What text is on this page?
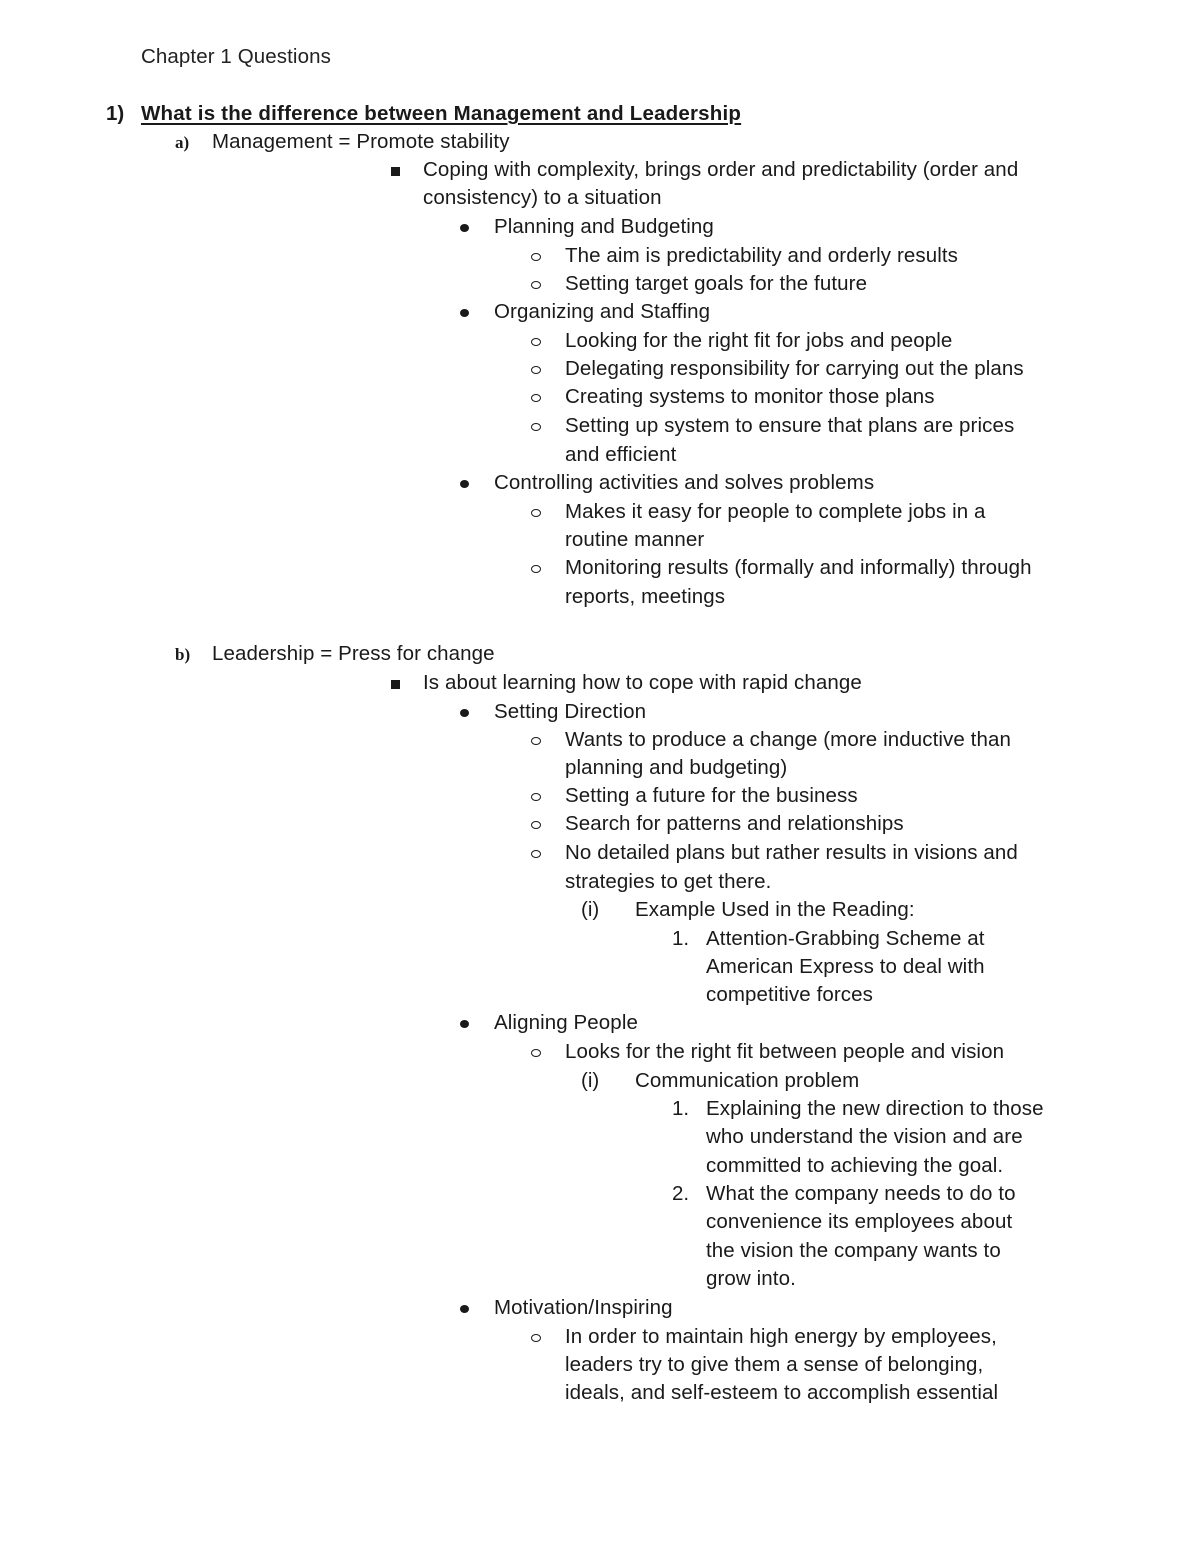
Chapter 1 Questions
1) What is the difference between Management and Leadership
a) Management = Promote stability
Coping with complexity, brings order and predictability (order and
consistency) to a situation
Planning and Budgeting
The aim is predictability and orderly results
Setting target goals for the future
Organizing and Staffing
Looking for the right fit for jobs and people
Delegating responsibility for carrying out the plans
Creating systems to monitor those plans
Setting up system to ensure that plans are prices
and efficient
Controlling activities and solves problems
Makes it easy for people to complete jobs in a
routine manner
Monitoring results (formally and informally) through
reports, meetings
b) Leadership = Press for change
Is about learning how to cope with rapid change
Setting Direction
Wants to produce a change (more inductive than
planning and budgeting)
Setting a future for the business
Search for patterns and relationships
No detailed plans but rather results in visions and
strategies to get there.
(i) Example Used in the Reading:
1. Attention-Grabbing Scheme at
American Express to deal with
competitive forces
Aligning People
Looks for the right fit between people and vision
(i) Communication problem
1. Explaining the new direction to those
who understand the vision and are
committed to achieving the goal.
2. What the company needs to do to
convenience its employees about
the vision the company wants to
grow into.
Motivation/Inspiring
In order to maintain high energy by employees,
leaders try to give them a sense of belonging,
ideals, and self-esteem to accomplish essential
